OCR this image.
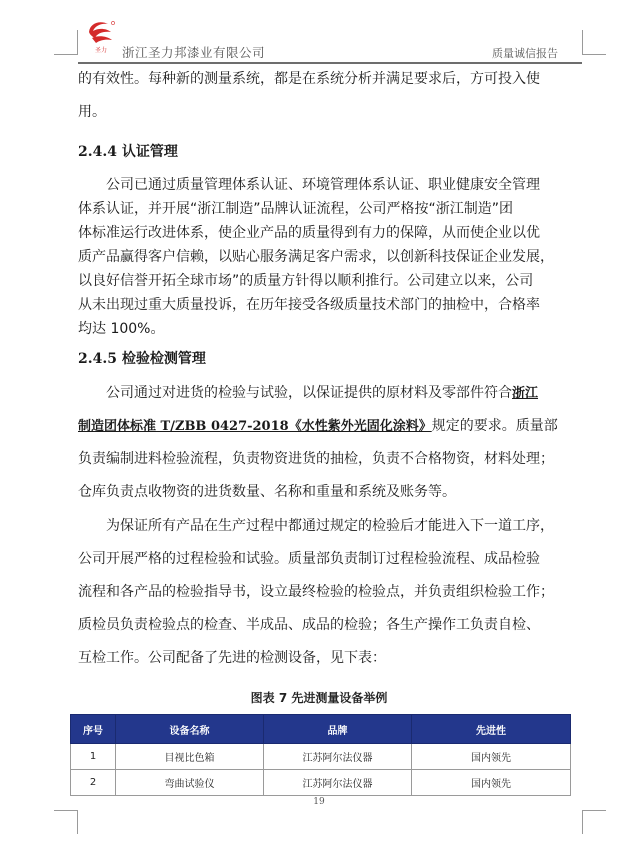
圣力 浙江圣力邦漆业有限公司	质量诚信报告

的有效性。每种新的测量系统，都是在系统分析并满足要求后，方可投入使

用。

2.4.4 认证管理

公司已通过质量管理体系认证、环境管理体系认证、职业健康安全管理

体系认证，并开展“浙江制造”品牌认证流程，公司严格按“浙江制造”团

体标准运行改进体系，使企业产品的质量得到有力的保障，从而使企业以优

质产品赢得客户信赖，以贴心服务满足客户需求，以创新科技保证企业发展，

以良好信誉开拓全球市场”的质量方针得以顺利推行。公司建立以来，公司

从未出现过重大质量投诉，在历年接受各级质量技术部门的抽检中，合格率

均达 100%。

2.4.5 检验检测管理

公司通过对进货的检验与试验，以保证提供的原材料及零部件符合浙江

制造团体标准 T/ZBB 0427-2018《水性紫外光固化涂料》规定的要求。质量部

负责编制进料检验流程，负责物资进货的抽检，负责不合格物资，材料处理；

仓库负责点收物资的进货数量、名称和重量和系统及账务等。

为保证所有产品在生产过程中都通过规定的检验后才能进入下一道工序，

公司开展严格的过程检验和试验。质量部负责制订过程检验流程、成品检验

流程和各产品的检验指导书，设立最终检验的检验点，并负责组织检验工作；

质检员负责检验点的检查、半成品、成品的检验；各生产操作工负责自检、

互检工作。公司配备了先进的检测设备，见下表：

图表 7 先进测量设备举例
序号	设备名称	品牌	先进性
1	目视比色箱	江苏阿尔法仪器	国内领先
2	弯曲试验仪	江苏阿尔法仪器	国内领先
19
